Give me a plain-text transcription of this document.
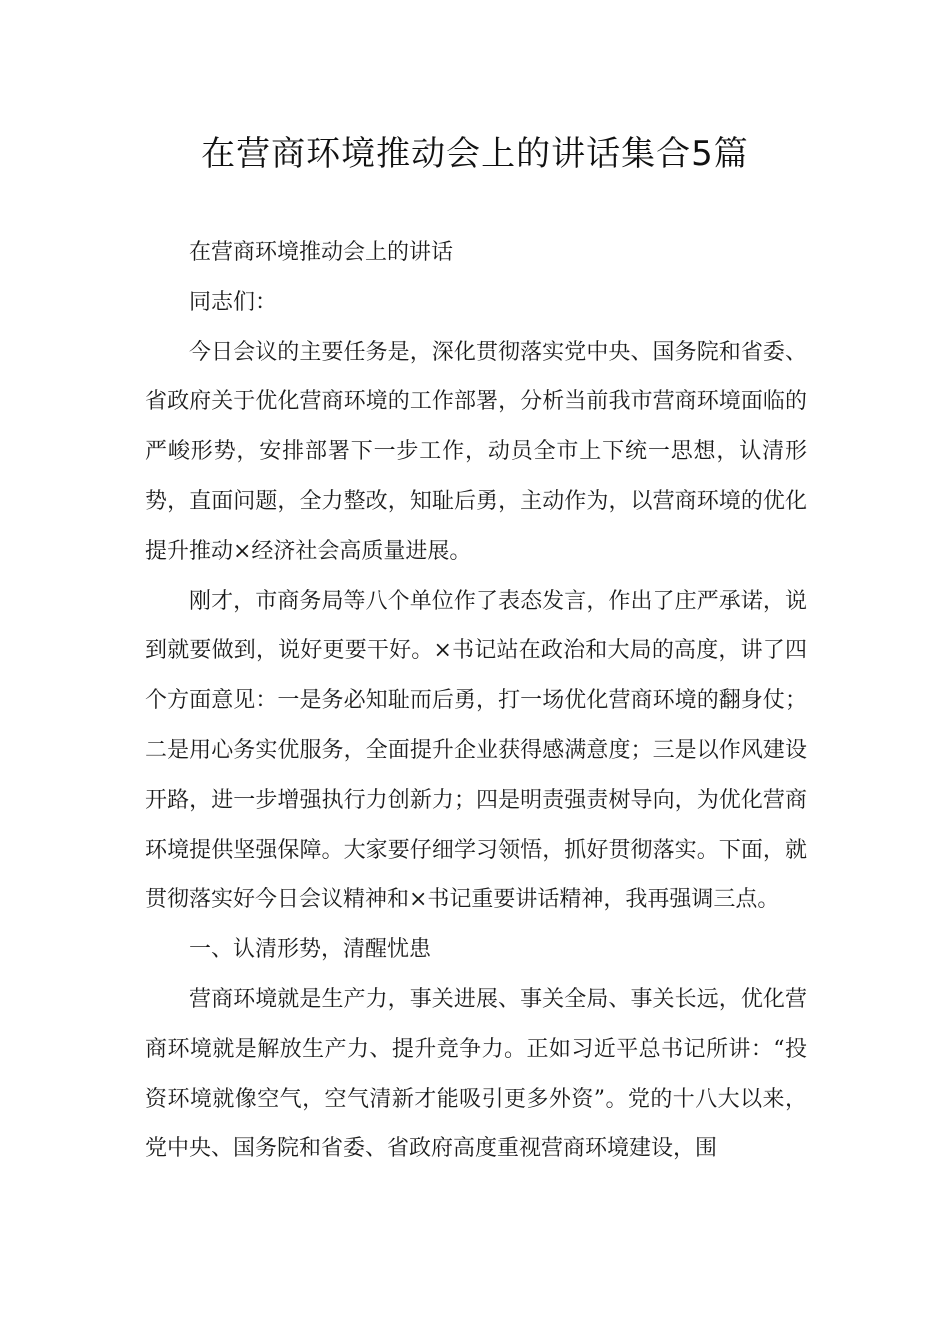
在营商环境推动会上的讲话集合5篇

在营商环境推动会上的讲话

同志们：

今日会议的主要任务是，深化贯彻落实党中央、国务院和省委、省政府关于优化营商环境的工作部署，分析当前我市营商环境面临的严峻形势，安排部署下一步工作，动员全市上下统一思想，认清形势，直面问题，全力整改，知耻后勇，主动作为，以营商环境的优化提升推动×经济社会高质量进展。

刚才，市商务局等八个单位作了表态发言，作出了庄严承诺，说到就要做到，说好更要干好。×书记站在政治和大局的高度，讲了四个方面意见：一是务必知耻而后勇，打一场优化营商环境的翻身仗；二是用心务实优服务，全面提升企业获得感满意度；三是以作风建设开路，进一步增强执行力创新力；四是明责强责树导向，为优化营商环境提供坚强保障。大家要仔细学习领悟，抓好贯彻落实。下面，就贯彻落实好今日会议精神和×书记重要讲话精神，我再强调三点。

一、认清形势，清醒忧患

营商环境就是生产力，事关进展、事关全局、事关长远，优化营商环境就是解放生产力、提升竞争力。正如习近平总书记所讲：“投资环境就像空气，空气清新才能吸引更多外资”。党的十八大以来，党中央、国务院和省委、省政府高度重视营商环境建设，围
